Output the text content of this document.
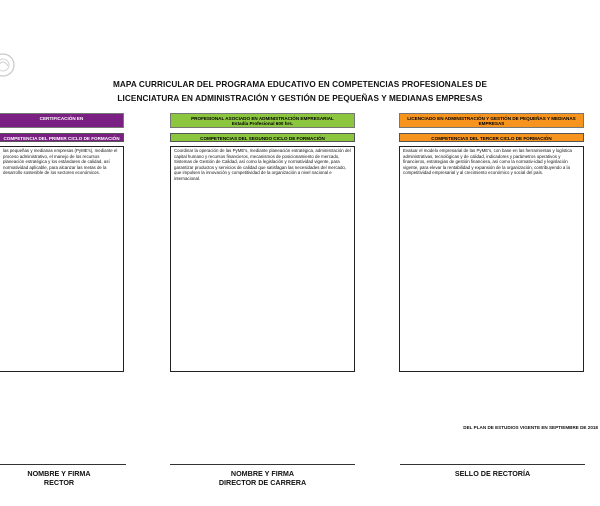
MAPA CURRICULAR DEL PROGRAMA EDUCATIVO EN COMPETENCIAS PROFESIONALES DE
LICENCIATURA EN ADMINISTRACIÓN Y GESTIÓN DE PEQUEÑAS Y MEDIANAS EMPRESAS
CERTIFICACIÓN EN
COMPETENCIA DEL PRIMER CICLO DE FORMACIÓN
las pequeñas y medianas empresas (PyME's), mediante el proceso administrativo, el manejo de los recursos planeación estratégica y los estándares de calidad, así normatividad aplicable, para alcanzar las metas de la desarrollo sostenible de los sectores económicos.
PROFESIONAL ASOCIADO EN ADMINISTRACIÓN EMPRESARIAL
Estadía Profesional 600 hrs.
COMPETENCIAS DEL SEGUNDO CICLO DE FORMACIÓN
Coordinar la operación de las PyME's, mediante planeación estratégica, administración del capital humano y recursos financieros, mecanismos de posicionamiento de mercado, Sistemas de Gestión de Calidad, así como la legislación y normatividad vigente, para garantizar productos y servicios de calidad que satisfagan las necesidades del mercado, que impulsen la innovación y competitividad de la organización a nivel nacional e internacional.
LICENCIADO EN ADMINISTRACIÓN Y GESTIÓN DE PEQUEÑAS Y MEDIANAS
EMPRESAS
COMPETENCIAS DEL TERCER CICLO DE FORMACIÓN
Evaluar el modelo empresarial de las PyME's, con base en las herramientas y logística administrativas, tecnológicas y de calidad, indicadores y parámetros operativos y financieros, estrategias de gestión financiera, así como la normativ-idad y legislación vigente, para elevar la rentabilidad y expansión de la organización, contribuyendo a la competitividad empresarial y al crecimiento económico y social del país.
DEL PLAN DE ESTUDIOS VIGENTE EN SEPTIEMBRE DE 2018
NOMBRE Y FIRMA
RECTOR
NOMBRE Y FIRMA
DIRECTOR DE CARRERA
SELLO DE RECTORÍA
